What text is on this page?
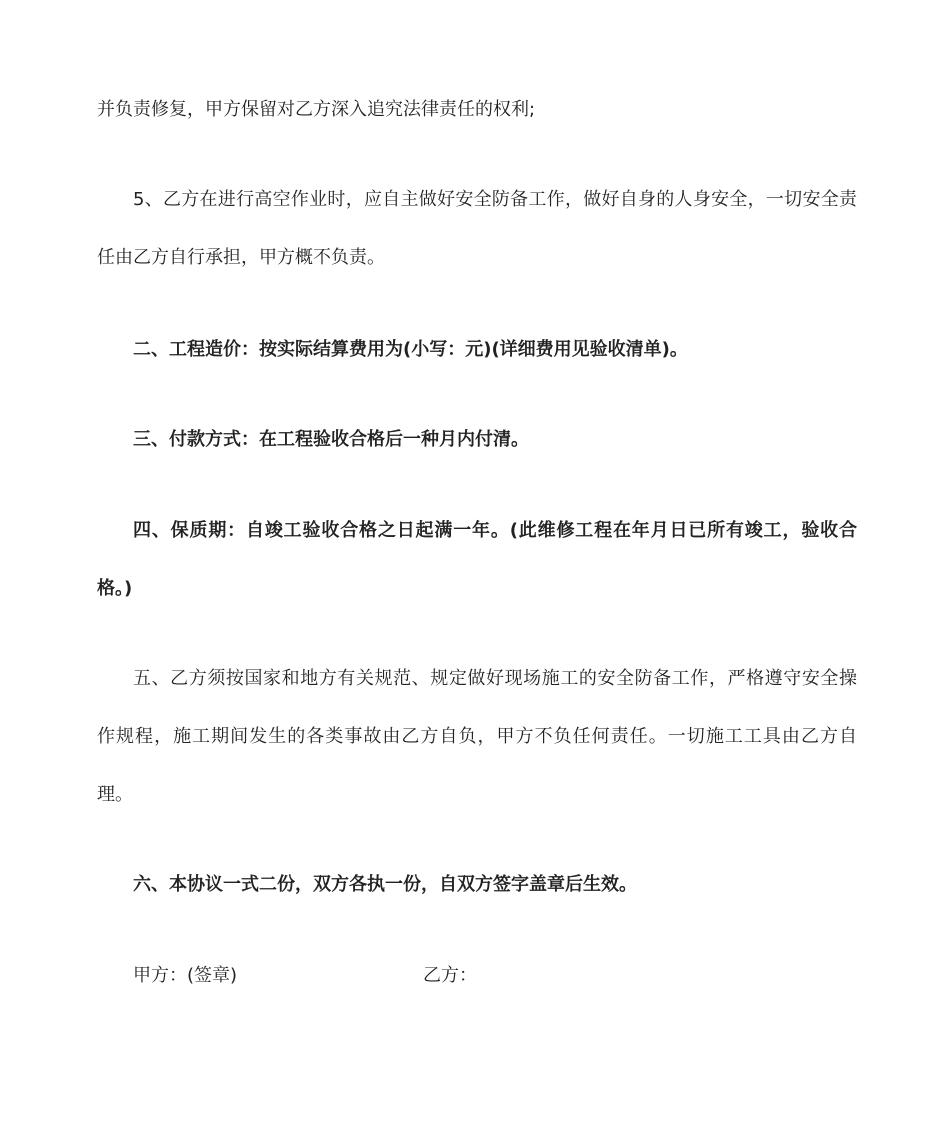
并负责修复，甲方保留对乙方深入追究法律责任的权利;
5、乙方在进行高空作业时，应自主做好安全防备工作，做好自身的人身安全，一切安全责
任由乙方自行承担，甲方概不负责。
二、工程造价：按实际结算费用为(小写：元)(详细费用见验收清单)。
三、付款方式：在工程验收合格后一种月内付清。
四、保质期：自竣工验收合格之日起满一年。(此维修工程在年月日已所有竣工，验收合
格。)
五、乙方须按国家和地方有关规范、规定做好现场施工的安全防备工作，严格遵守安全操
作规程，施工期间发生的各类事故由乙方自负，甲方不负任何责任。一切施工工具由乙方自
理。
六、本协议一式二份，双方各执一份，自双方签字盖章后生效。
甲方：(签章)	乙方：
